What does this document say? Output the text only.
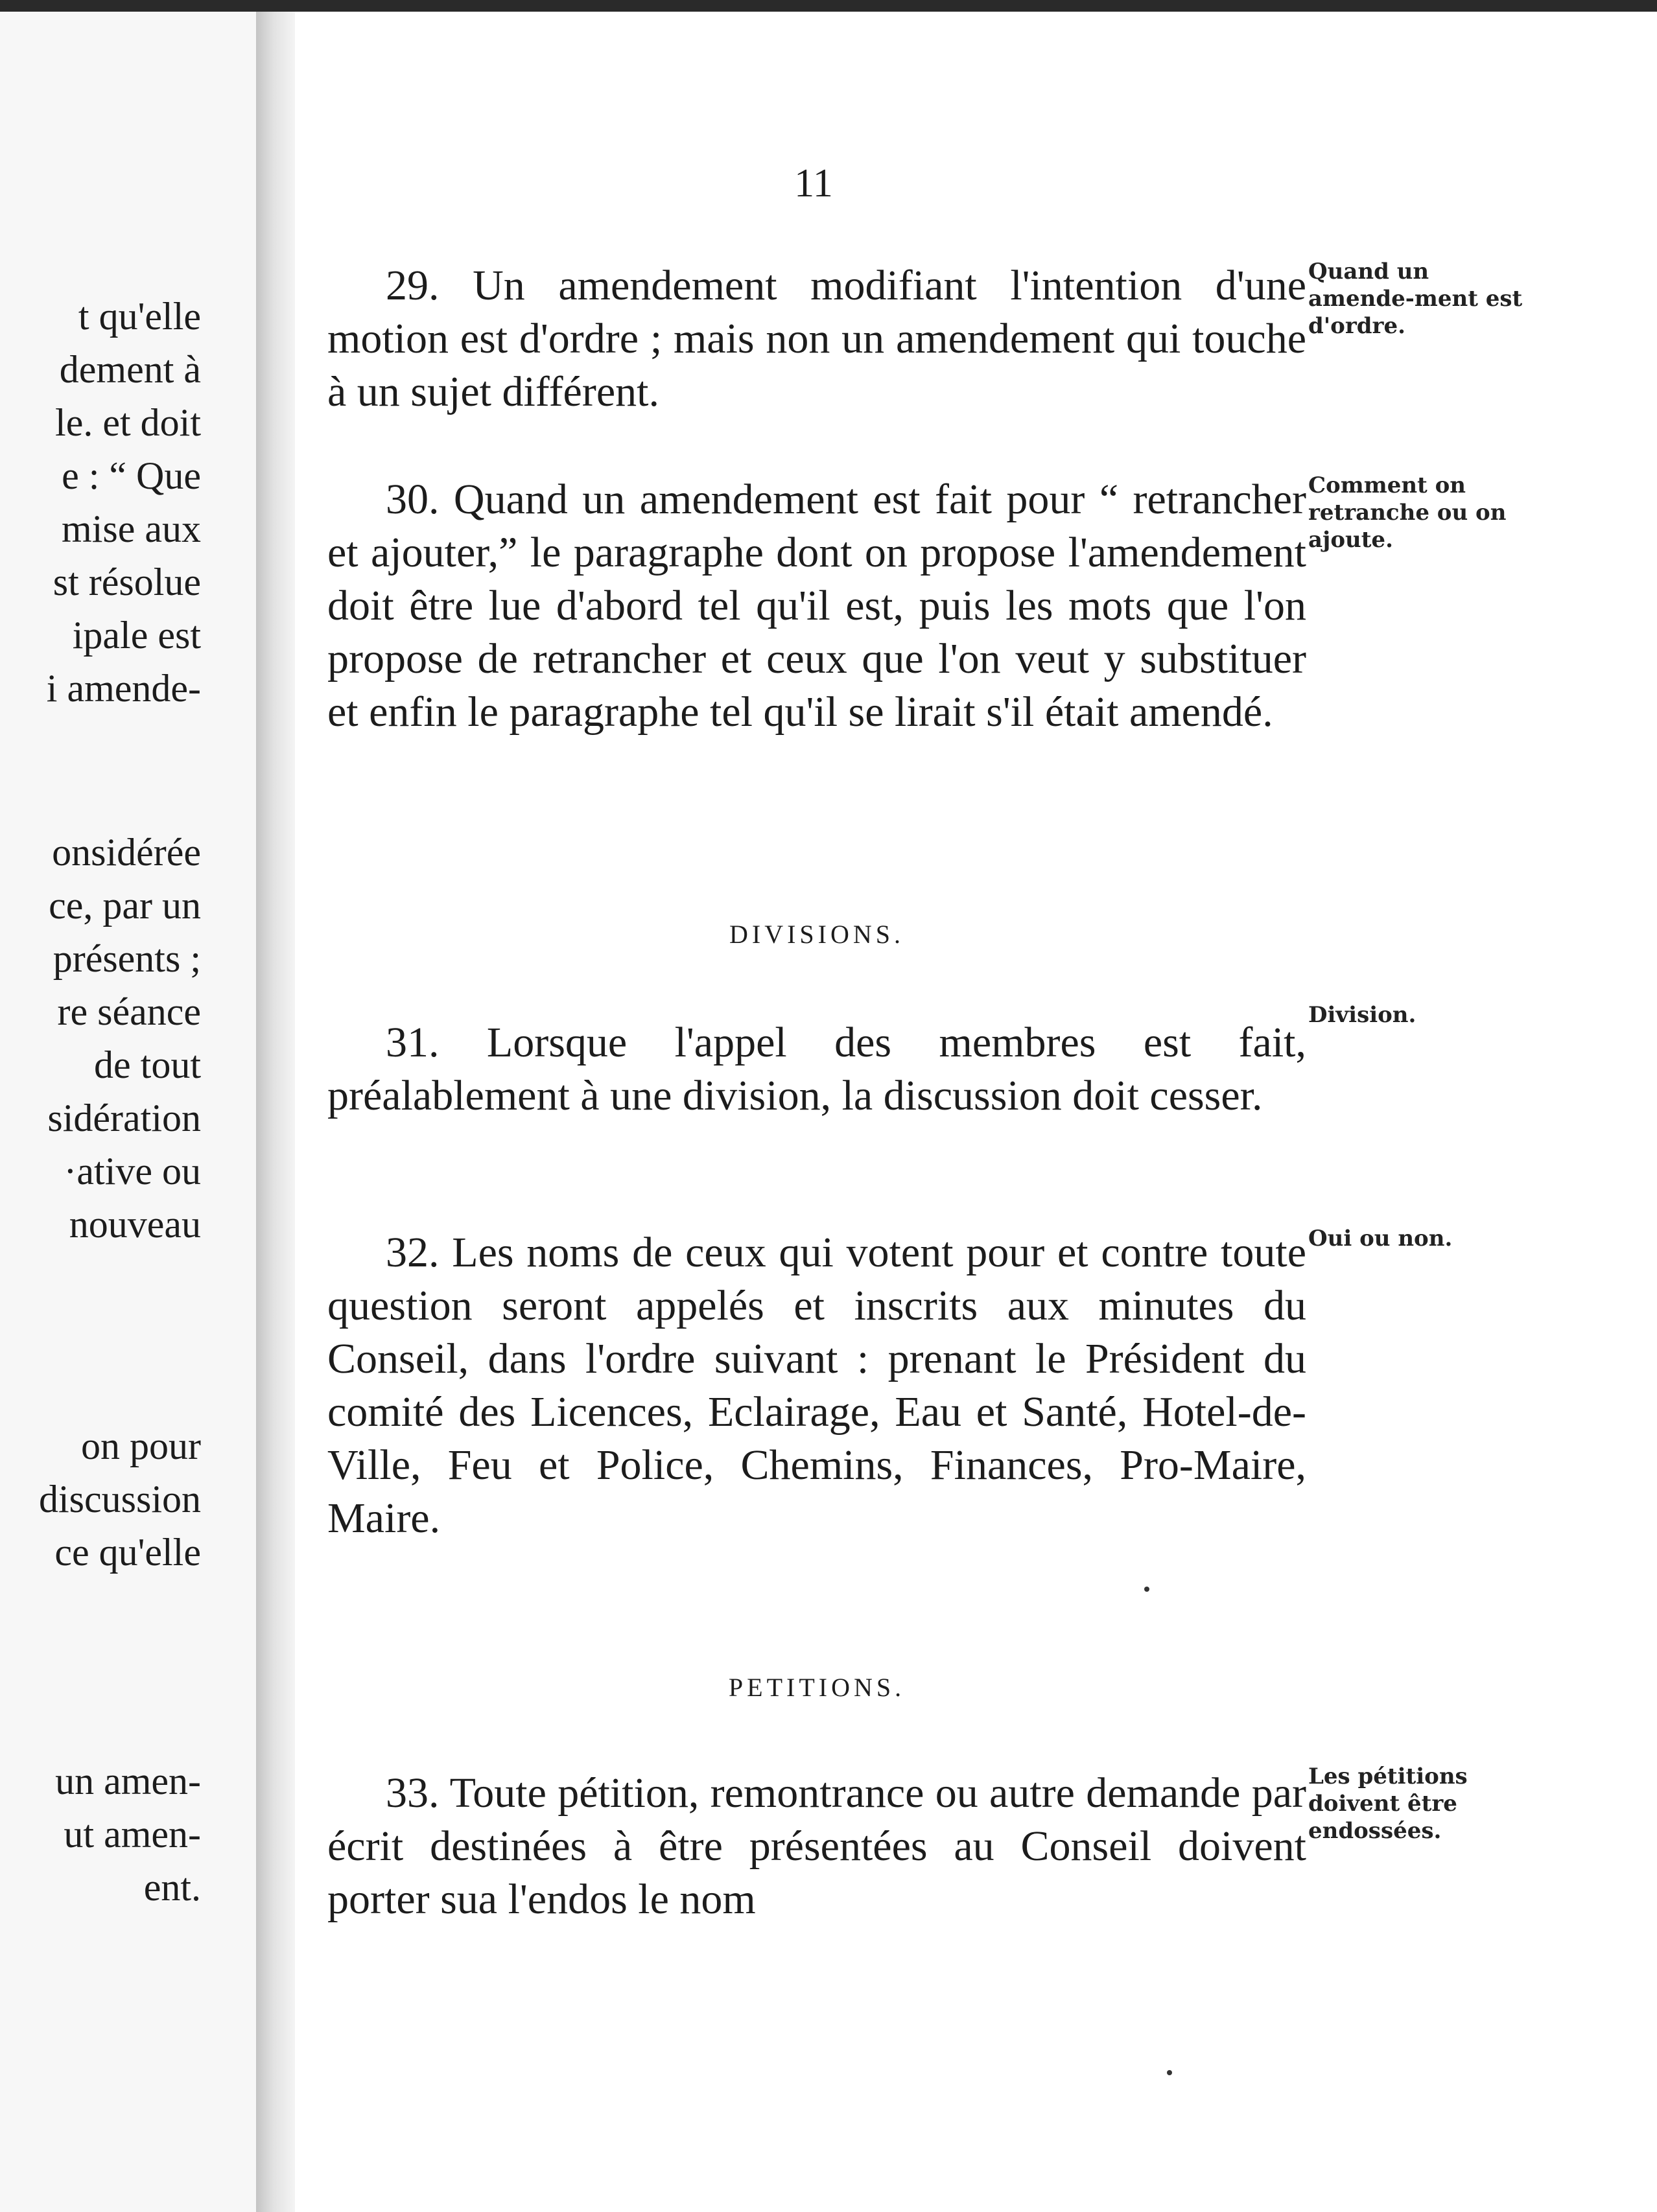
t qu'elle
dement à
le. et doit
e : “ Que
mise aux
st résolue
ipale est
i amende-
onsidérée
ce, par un
présents ;
re séance
de tout
sidération
·ative ou
nouveau
on pour
discussion
ce qu'elle
un amen-
ut amen-
ent.
11
29. Un amendement modifiant l'intention d'une motion est d'ordre ; mais non un amendement qui touche à un sujet différent.
Quand un amende-ment est d'ordre.
30. Quand un amendement est fait pour “ retrancher et ajouter,” le paragraphe dont on propose l'amendement doit être lue d'abord tel qu'il est, puis les mots que l'on propose de retrancher et ceux que l'on veut y substituer et enfin le paragraphe tel qu'il se lirait s'il était amendé.
Comment on retranche ou on ajoute.
DIVISIONS.
31. Lorsque l'appel des membres est fait, préalablement à une division, la discussion doit cesser.
Division.
32. Les noms de ceux qui votent pour et contre toute question seront appelés et inscrits aux minutes du Conseil, dans l'ordre suivant : prenant le Président du comité des Licences, Eclairage, Eau et Santé, Hotel-de-Ville, Feu et Police, Chemins, Finances, Pro-Maire, Maire.
Oui ou non.
PETITIONS.
33. Toute pétition, remontrance ou autre demande par écrit destinées à être présentées au Conseil doivent porter sua l'endos le nom
Les pétitions doivent être endossées.
